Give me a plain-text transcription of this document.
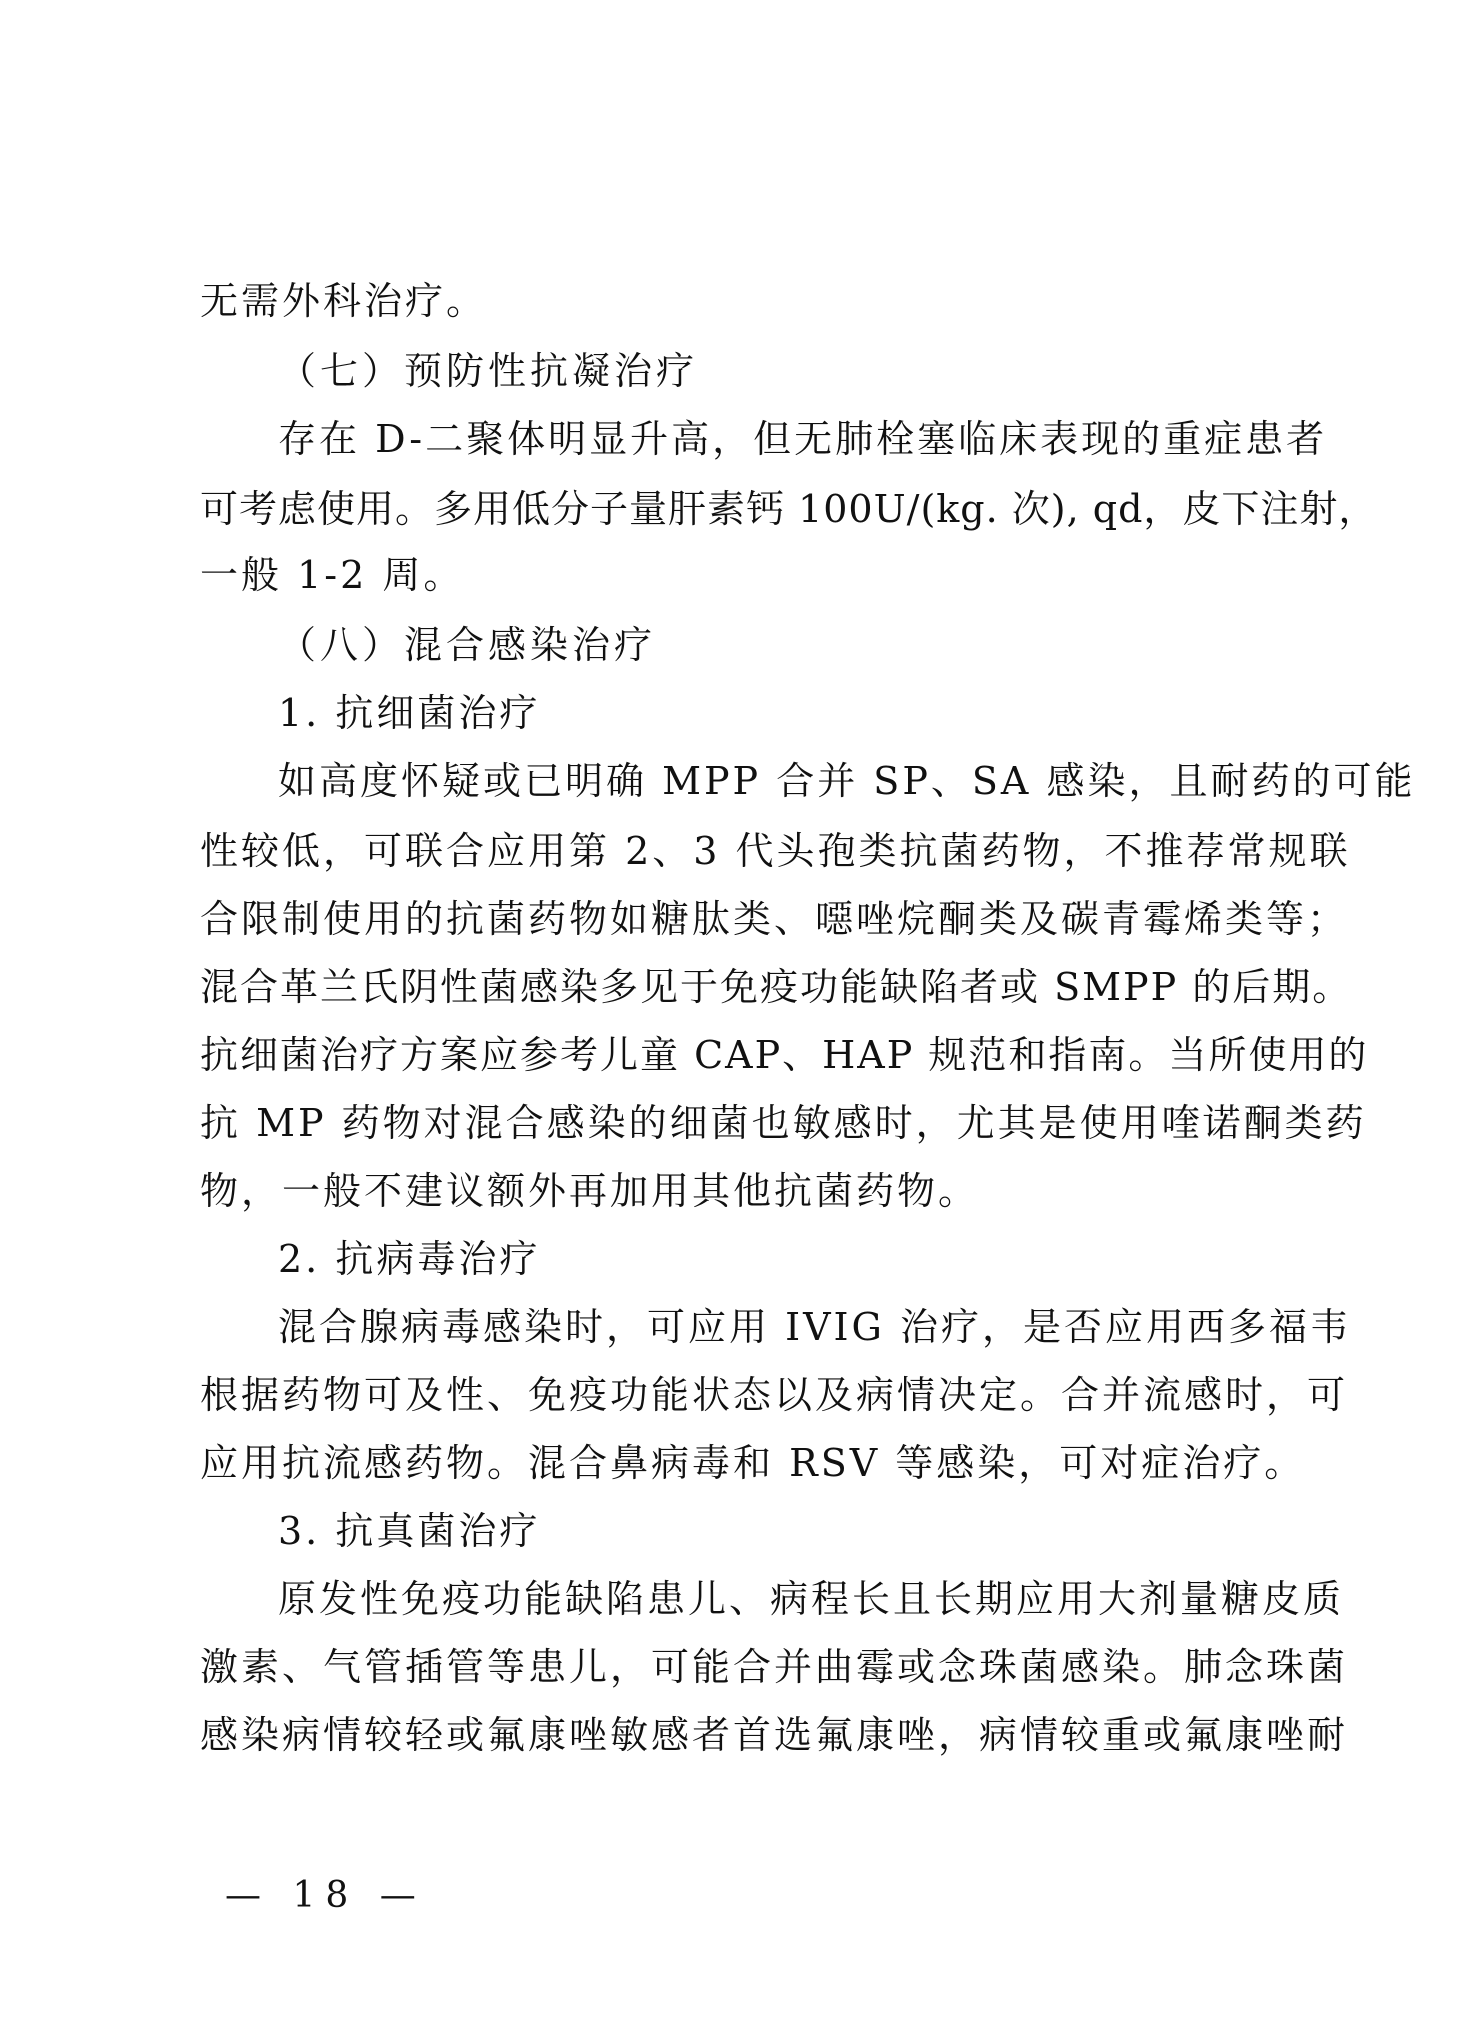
无需外科治疗。
（七）预防性抗凝治疗
存在 D-二聚体明显升高，但无肺栓塞临床表现的重症患者
可考虑使用。多用低分子量肝素钙 100U/(kg. 次), qd，皮下注射，
一般 1-2 周。
（八）混合感染治疗
1. 抗细菌治疗
如高度怀疑或已明确 MPP 合并 SP、SA 感染，且耐药的可能
性较低，可联合应用第 2、3 代头孢类抗菌药物，不推荐常规联
合限制使用的抗菌药物如糖肽类、噁唑烷酮类及碳青霉烯类等；
混合革兰氏阴性菌感染多见于免疫功能缺陷者或 SMPP 的后期。
抗细菌治疗方案应参考儿童 CAP、HAP 规范和指南。当所使用的
抗 MP 药物对混合感染的细菌也敏感时，尤其是使用喹诺酮类药
物，一般不建议额外再加用其他抗菌药物。
2. 抗病毒治疗
混合腺病毒感染时，可应用 IVIG 治疗，是否应用西多福韦
根据药物可及性、免疫功能状态以及病情决定。合并流感时，可
应用抗流感药物。混合鼻病毒和 RSV 等感染，可对症治疗。
3. 抗真菌治疗
原发性免疫功能缺陷患儿、病程长且长期应用大剂量糖皮质
激素、气管插管等患儿，可能合并曲霉或念珠菌感染。肺念珠菌
感染病情较轻或氟康唑敏感者首选氟康唑，病情较重或氟康唑耐
— 18 —
